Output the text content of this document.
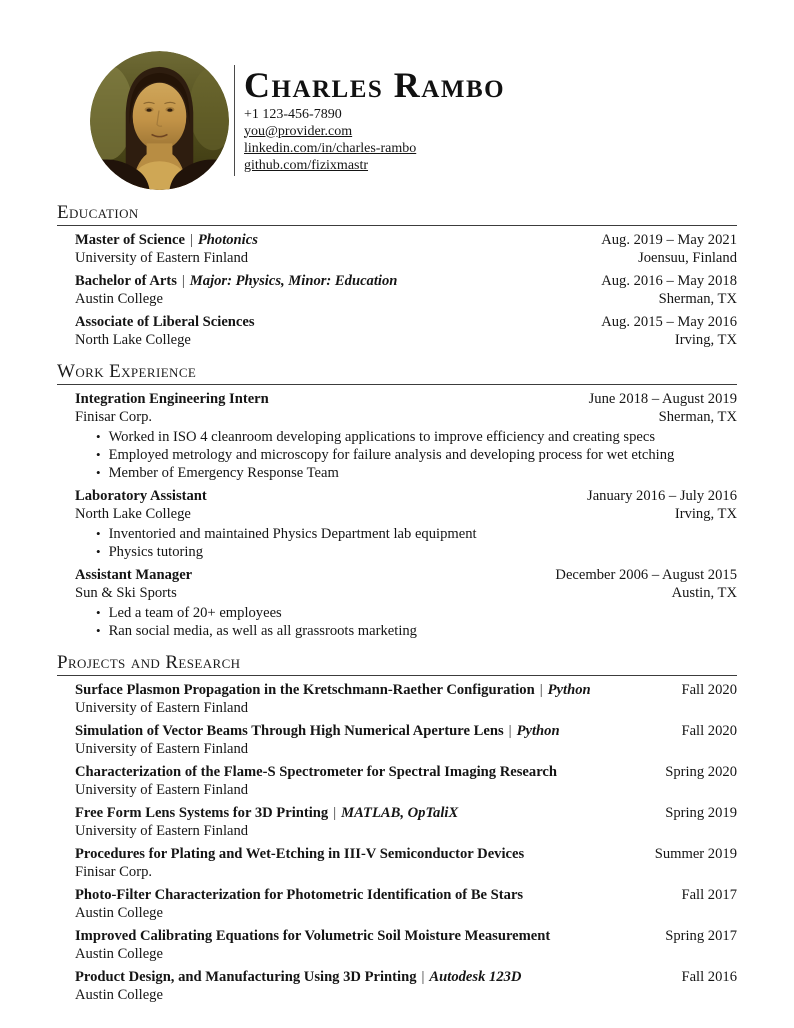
Charles Rambo
+1 123-456-7890
you@provider.com
linkedin.com/in/charles-rambo
github.com/fizixmastr
Education
Master of Science | Photonics	Aug. 2019 – May 2021
University of Eastern Finland	Joensuu, Finland
Bachelor of Arts | Major: Physics, Minor: Education	Aug. 2016 – May 2018
Austin College	Sherman, TX
Associate of Liberal Sciences	Aug. 2015 – May 2016
North Lake College	Irving, TX
Work Experience
Integration Engineering Intern	June 2018 – August 2019
Finisar Corp.	Sherman, TX
• Worked in ISO 4 cleanroom developing applications to improve efficiency and creating specs
• Employed metrology and microscopy for failure analysis and developing process for wet etching
• Member of Emergency Response Team
Laboratory Assistant	January 2016 – July 2016
North Lake College	Irving, TX
• Inventoried and maintained Physics Department lab equipment
• Physics tutoring
Assistant Manager	December 2006 – August 2015
Sun & Ski Sports	Austin, TX
• Led a team of 20+ employees
• Ran social media, as well as all grassroots marketing
Projects and Research
Surface Plasmon Propagation in the Kretschmann-Raether Configuration | Python	Fall 2020
University of Eastern Finland
Simulation of Vector Beams Through High Numerical Aperture Lens | Python	Fall 2020
University of Eastern Finland
Characterization of the Flame-S Spectrometer for Spectral Imaging Research	Spring 2020
University of Eastern Finland
Free Form Lens Systems for 3D Printing | MATLAB, OpTaliX	Spring 2019
University of Eastern Finland
Procedures for Plating and Wet-Etching in III-V Semiconductor Devices	Summer 2019
Finisar Corp.
Photo-Filter Characterization for Photometric Identification of Be Stars	Fall 2017
Austin College
Improved Calibrating Equations for Volumetric Soil Moisture Measurement	Spring 2017
Austin College
Product Design, and Manufacturing Using 3D Printing | Autodesk 123D	Fall 2016
Austin College
